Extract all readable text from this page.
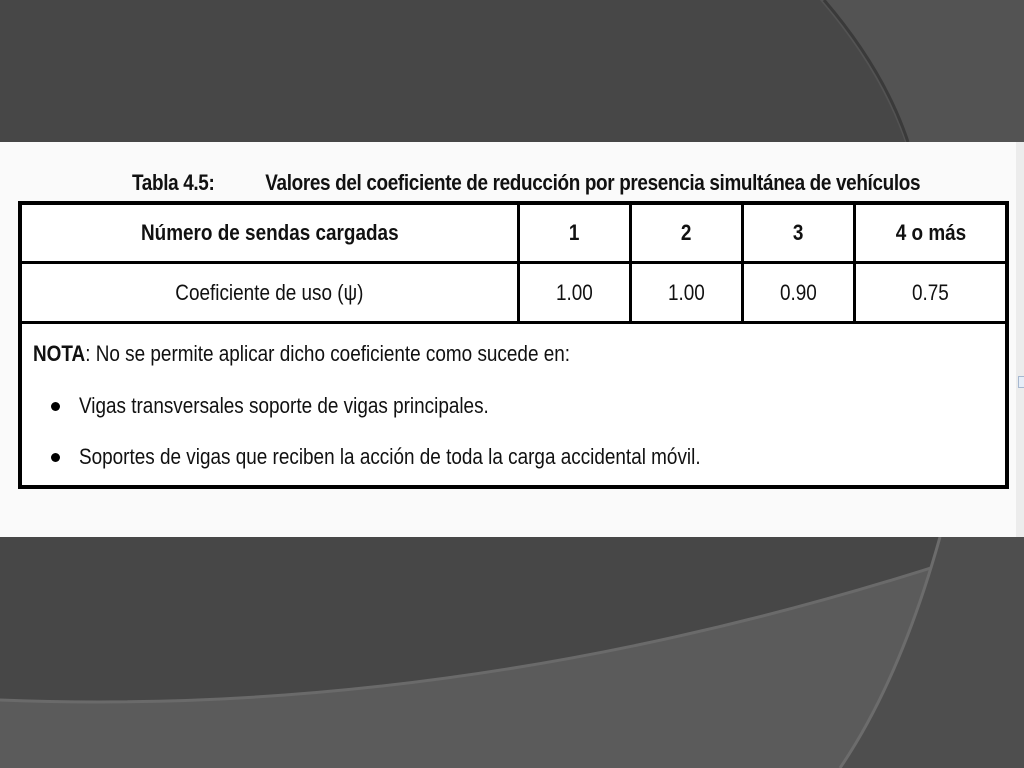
Tabla 4.5: Valores del coeficiente de reducción por presencia simultánea de vehículos
Número de sendas cargadas	1	2	3	4 o más
Coeficiente de uso (ψ)	1.00	1.00	0.90	0.75
NOTA: No se permite aplicar dicho coeficiente como sucede en:
Vigas transversales soporte de vigas principales.
Soportes de vigas que reciben la acción de toda la carga accidental móvil.
